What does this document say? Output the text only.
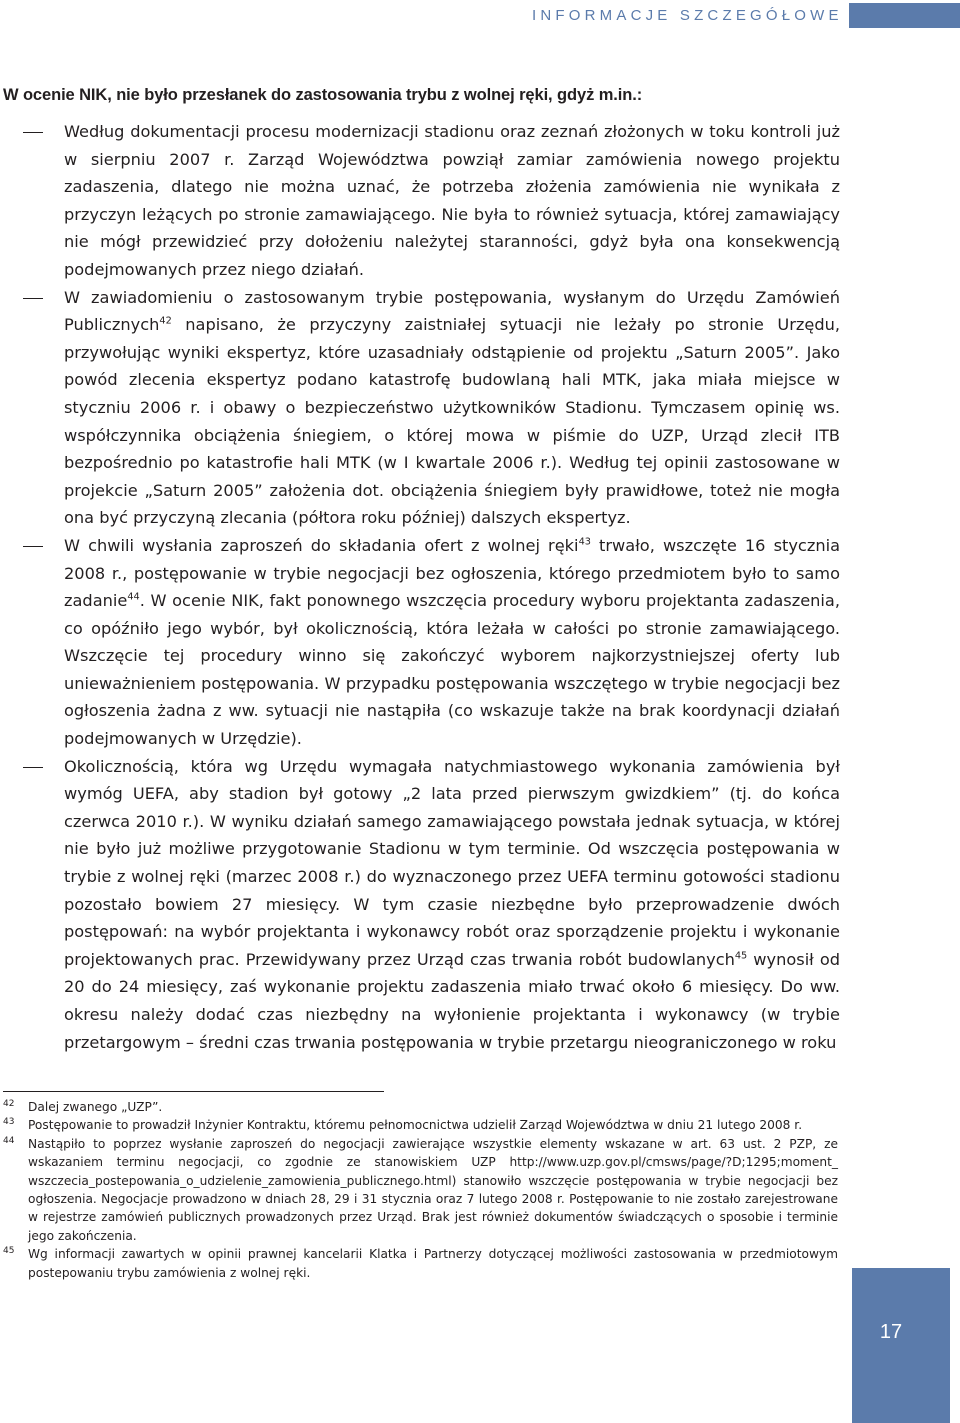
INFORMACJE SZCZEGÓŁOWE

W ocenie NIK, nie było przesłanek do zastosowania trybu z wolnej ręki, gdyż m.in.:

Według dokumentacji procesu modernizacji stadionu oraz zeznań złożonych w toku kontroli już w sierpniu 2007 r. Zarząd Województwa powziął zamiar zamówienia nowego projektu zadaszenia, dlatego nie można uznać, że potrzeba złożenia zamówienia nie wynikała z przyczyn leżących po stronie zamawiającego. Nie była to również sytuacja, której zamawiający nie mógł przewidzieć przy dołożeniu należytej staranności, gdyż była ona konsekwencją podejmowanych przez niego działań.
W zawiadomieniu o zastosowanym trybie postępowania, wysłanym do Urzędu Zamówień Publicznych$^{42}$ napisano, że przyczyny zaistniałej sytuacji nie leżały po stronie Urzędu, przywołując wyniki ekspertyz, które uzasadniały odstąpienie od projektu „Saturn 2005”. Jako powód zlecenia ekspertyz podano katastrofę budowlaną hali MTK, jaka miała miejsce w styczniu 2006 r. i obawy o bezpieczeństwo użytkowników Stadionu. Tymczasem opinię ws. współczynnika obciążenia śniegiem, o której mowa w piśmie do UZP, Urząd zlecił ITB bezpośrednio po katastrofie hali MTK (w I kwartale 2006 r.). Według tej opinii zastosowane w projekcie „Saturn 2005” założenia dot. obciążenia śniegiem były prawidłowe, toteż nie mogła ona być przyczyną zlecania (półtora roku później) dalszych ekspertyz.
W chwili wysłania zaproszeń do składania ofert z wolnej ręki$^{43}$ trwało, wszczęte 16 stycznia 2008 r., postępowanie w trybie negocjacji bez ogłoszenia, którego przedmiotem było to samo zadanie$^{44}$. W ocenie NIK, fakt ponownego wszczęcia procedury wyboru projektanta zadaszenia, co opóźniło jego wybór, był okolicznością, która leżała w całości po stronie zamawiającego. Wszczęcie tej procedury winno się zakończyć wyborem najkorzystniejszej oferty lub unieważnieniem postępowania. W przypadku postępowania wszczętego w trybie negocjacji bez ogłoszenia żadna z ww. sytuacji nie nastąpiła (co wskazuje także na brak koordynacji działań podejmowanych w Urzędzie).
Okolicznością, która wg Urzędu wymagała natychmiastowego wykonania zamówienia był wymóg UEFA, aby stadion był gotowy „2 lata przed pierwszym gwizdkiem” (tj. do końca czerwca 2010 r.). W wyniku działań samego zamawiającego powstała jednak sytuacja, w której nie było już możliwe przygotowanie Stadionu w tym terminie. Od wszczęcia postępowania w trybie z wolnej ręki (marzec 2008 r.) do wyznaczonego przez UEFA terminu gotowości stadionu pozostało bowiem 27 miesięcy. W tym czasie niezbędne było przeprowadzenie dwóch postępowań: na wybór projektanta i wykonawcy robót oraz sporządzenie projektu i wykonanie projektowanych prac. Przewidywany przez Urząd czas trwania robót budowlanych$^{45}$ wynosił od 20 do 24 miesięcy, zaś wykonanie projektu zadaszenia miało trwać około 6 miesięcy. Do ww. okresu należy dodać czas niezbędny na wyłonienie projektanta i wykonawcy (w trybie przetargowym – średni czas trwania postępowania w trybie przetargu nieograniczonego w roku
42 Dalej zwanego „UZP”.
43 Postępowanie to prowadził Inżynier Kontraktu, któremu pełnomocnictwa udzielił Zarząd Województwa w dniu 21 lutego 2008 r.
44 Nastąpiło to poprzez wysłanie zaproszeń do negocjacji zawierające wszystkie elementy wskazane w art. 63 ust. 2 PZP, ze wskazaniem terminu negocjacji, co zgodnie ze stanowiskiem UZP http://www.uzp.gov.pl/cmsws/page/?D;1295;moment_ wszczecia_postepowania_o_udzielenie_zamowienia_publicznego.html) stanowiło wszczęcie postępowania w trybie negocjacji bez ogłoszenia. Negocjacje prowadzono w dniach 28, 29 i 31 stycznia oraz 7 lutego 2008 r. Postępowanie to nie zostało zarejestrowane w rejestrze zamówień publicznych prowadzonych przez Urząd. Brak jest również dokumentów świadczących o sposobie i terminie jego zakończenia.
45 Wg informacji zawartych w opinii prawnej kancelarii Klatka i Partnerzy dotyczącej możliwości zastosowania w przedmiotowym postepowaniu trybu zamówienia z wolnej ręki.
17
